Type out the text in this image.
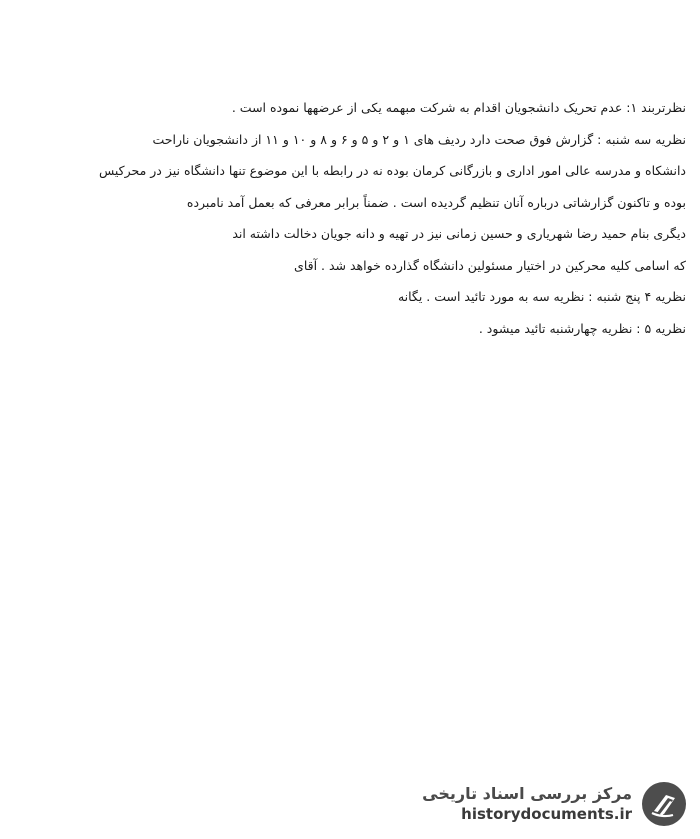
نظرتربند ۱: عدم تحریک دانشجویان اقدام به شرکت مبهمه یکی از عرضهها نموده است .
نظریه سه شنبه : گزارش فوق صحت دارد ردیف های ۱ و ۲ و ۵ و ۶ و ۸ و ۱۰ و ۱۱ از دانشجویان ناراحت
دانشکاه و مدرسه عالی امور اداری و بازرگانی کرمان بوده نه در رابطه با این موضوع تنها دانشگاه نیز در محرکیس
بوده و تاکنون گزارشاتی درباره آنان تنظیم گردیده است . ضمناً برابر معرفی که بعمل آمد نامبرده
دیگری بنام حمید رضا شهریاری و حسین زمانی نیز در تهیه و دانه جویان دخالت داشته اند
که اسامی کلیه محرکین در اختیار مسئولین دانشگاه گذارده خواهد شد . آقای
نظریه ۴ پنج شنبه : نظریه سه به مورد تائید است . یگانه
نظریه ۵ : نظریه چهارشنبه تائید میشود .
مرکز بررسی اسناد تاریخی
historydocuments.ir
